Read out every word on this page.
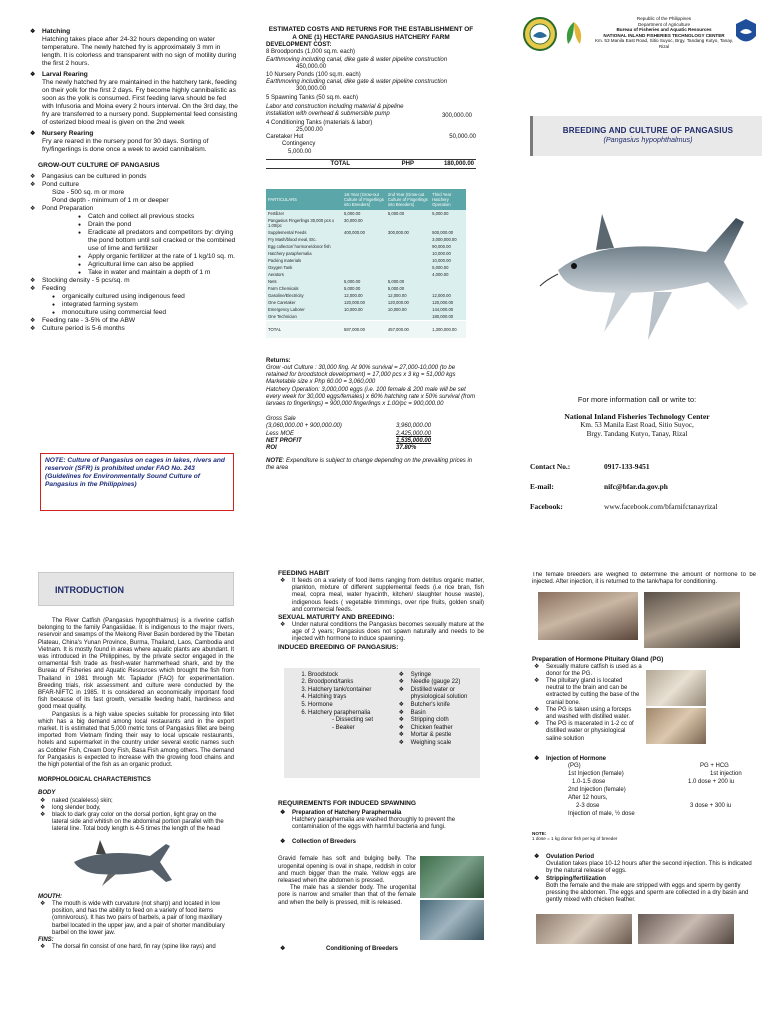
❖ Hatching
Hatching takes place after 24-32 hours depending on water temperature. The newly hatched fry is approximately 3 mm in length. It is colorless and transparent with no sign of motility during the first 2 hours.
❖ Larval Rearing
The newly hatched fry are maintained in the hatchery tank, feeding on their yolk for the first 2 days. Fry become highly cannibalistic as soon as the yolk is consumed. First feeding larva should be fed with Infusoria and Moina every 2 hours interval. On the 3rd day, the fry are transferred to a nursery pond. Supplemental feed consisting of osterized blood meal is given on the 2nd week
❖ Nursery Rearing
Fry are reared in the nursery pond for 30 days. Sorting of fry/fingerlings is done once a week to avoid cannibalism.
GROW-OUT CULTURE OF PANGASIUS
❖ Pangasius can be cultured in ponds
❖ Pond culture
Size - 500 sq. m or more
Pond depth - minimum of 1 m or deeper
❖ Pond Preparation
● Catch and collect all previous stocks
● Drain the pond
● Eradicate all predators and competitors by: drying the pond bottom until soil cracked or the combined use of lime and fertilizer
● Apply organic fertilizer at the rate of 1 kg/10 sq. m.
● Agricultural lime can also be applied
● Take in water and maintain a depth of 1 m
❖ Stocking density - 5 pcs/sq. m
❖ Feeding
● organically cultured using indigenous feed
● integrated farming system
● monoculture using commercial feed
❖ Feeding rate - 3-5% of the ABW
❖ Culture period is 5-6 months
NOTE: Culture of Pangasius on cages in lakes, rivers and reservoir (SFR) is prohibited under FAO No. 243 (Guidelines for Environmentally Sound Culture of Pangasius in the Philippines)
ESTIMATED COSTS AND RETURNS FOR THE ESTABLISHMENT OF A ONE (1) HECTARE PANGASIUS HATCHERY FARM
DEVELOPMENT COST:
8 Broodponds (1,000 sq.m. each)
Earthmoving including canal, dike gate & water pipeline construction
450,000.00
10 Nursery Ponds (100 sq.m. each)
Earthmoving including canal, dike gate & water pipeline construction
300,000.00
5 Spawning Tanks (50 sq.m. each)
Labor and construction including material & pipeline installation with overhead & submersible pump	300,000.00
4 Conditioning Tanks (materials & labor)
25,000.00
Caretaker Hut	50,000.00
Contingency
5,000.00
TOTAL	PHP	180,000.00
PARTICULARS	1st Year (Grow-out Culture of Fingerlings into Breeders)	2nd Year (Grow-out Culture of Fingerlings into Breeders)	Third Year Hatchery Operation
Fertilizer	5,000.00	5,000.00	5,000.00
Pangasius Fingerlings 30,000 pcs x 1.00/pc	30,000.00		
Supplemental Feeds	400,000.00	300,000.00	500,000.00
Fry Mash/blood meal, Etc.			3,000,000.00
Egg collector/ hormone/donor fish			90,000.00
Hatchery paraphernalia			10,000.00
Packing materials			10,000.00
Oxygen Tank			5,000.00
Aerators			4,000.00
Nets	5,000.00	5,000.00	
Farm Chemicals	5,000.00	5,000.00	
Gasoline/Electricity	12,000.00	12,000.00	12,000.00
One Caretaker	120,000.00	120,000.00	120,000.00
Emergency Laborer	10,000.00	10,000.00	144,000.00
One Technician			180,000.00
TOTAL	587,000.00	457,000.00	1,300,000.00
Returns:
Grow -out Culture : 30,000 fing. At 90% survival = 27,000-10,000 (to be retained for broodstock development) = 17,000 pcs x 3 kg = 51,000 kgs Marketable size x Php 60.00 = 3,060,000
Hatchery Operation: 3,000,000 eggs (i.e. 100 female & 200 male will be set every week for 30,000 eggs/females) x 60% hatching rate x 50% survival (from larvaes to fingerlings) = 900,000 fingerlings x 1.00/pc = 900,000.00
Gross Sale
(3,060,000.00 + 900,000.00)	3,960,000.00
Less MOE	2,425,000.00
NET PROFIT	1,535,000.00
ROI	37.80%
NOTE: Expenditure is subject to change depending on the prevailing prices in the area
Republic of the Philippines
Department of Agriculture
Bureau of Fisheries and Aquatic Resources
NATIONAL INLAND FISHERIES TECHNOLOGY CENTER
Km. 53 Manila East Road, Sitio Suyoc, Brgy. Tandang Kutyo, Tanay, Rizal
BREEDING AND CULTURE OF PANGASIUS
(Pangasius hypophthalmus)
For more information call or write to:
National Inland Fisheries Technology Center
Km. 53 Manila East Road, Sitio Suyoc,
Brgy. Tandang Kutyo, Tanay, Rizal
Contact No.:	0917-133-9451
E-mail:	nifc@bfar.da.gov.ph
Facebook:	www.facebook.com/bfarnifctanayrizal
INTRODUCTION
The River Catfish (Pangasius hypophthalmus) is a riverine catfish belonging to the family Pangasiidae. It is indigenous to the major rivers, reservoir and swamps of the Mekong River Basin bordered by the Tibetan Plateau, China's Yunan Province, Burma, Thailand, Laos, Cambodia and Vietnam. It is mostly found in areas where aquatic plants are abundant. It was introduced in the Philippines, by the private sector engaged in the ornamental fish trade as fresh-water hammerhead shark, and by the Bureau of Fisheries and Aquatic Resources which brought the fish from Thailand in 1981 through Mr. Tapiador (FAO) for experimentation. Breeding trials, risk assessment and culture were conducted by the BFAR-NIFTC in 1985. It is considered an economically important food fish because of its fast growth, versatile feeding habit, hardiness and good meat quality.
Pangasius is a high value species suitable for processing into fillet which has a big demand among local restaurants and in the export market. It is estimated that 5,000 metric tons of Pangasius fillet are being imported from Vietnam finding their way to local upscale restaurants, hotels and supermarket in the country under several exotic names such as Cobbler Fish, Cream Dory Fish, Basa Fish among others. The demand for Pangasius is expected to increase with the growing food chains and the high potential of the fish as an organic product.
MORPHOLOGICAL CHARACTERISTICS
BODY
❖ naked (scaleless) skin;
❖ long slender body,
❖ black to dark gray color on the dorsal portion, light gray on the lateral side and whitish on the abdominal portion parallel with the lateral line. Total body length is 4-5 times the length of the head
MOUTH:
❖ The mouth is wide with curvature (not sharp) and located in low position, and has the ability to feed on a variety of food items (omnivorous). It has two pairs of barbels, a pair of long maxillary barbel located in the upper jaw, and a pair of shorter mandibulary barbel on the lower jaw.
FINS:
❖ The dorsal fin consist of one hard, fin ray (spine like rays) and
FEEDING HABIT
❖ It feeds on a variety of food items ranging from detritus organic matter, plankton, mixture of different supplemental feeds (i.e rice bran, fish meal, copra meal, water hyacinth, kitchen/ slaughter house waste), indigenous feeds ( vegetable trimmings, over ripe fruits, golden snail) and commercial feeds.
SEXUAL MATURITY AND BREEDING:
❖ Under natural conditions the Pangasius becomes sexually mature at the age of 2 years; Pangasius does not spawn naturally and needs to be injected with hormone to induce spawning.
INDUCED BREEDING OF PANGASIUS:
1. Broodstock
2. Broodpond/tanks
3. Hatchery tank/container
4. Hatching trays
5. Hormone
6. Hatchery paraphernalia
- Dissecting set
- Beaker
❖ Syringe
❖ Needle (gauge 22)
❖ Distilled water or physiological solution
❖ Butcher's knife
❖ Basin
❖ Stripping cloth
❖ Chicken feather
❖ Mortar & pestle
❖ Weighing scale
REQUIREMENTS FOR INDUCED SPAWNING
❖ Preparation of Hatchery Paraphernalia
Hatchery paraphernalia are washed thoroughly to prevent the contamination of the eggs with harmful bacteria and fungi.
❖ Collection of Breeders
Gravid female has soft and bulging belly. The urogenital opening is oval in shape, reddish in color and much bigger than the male. Yellow eggs are released when the abdomen is pressed.
The male has a slender body. The urogenital pore is narrow and smaller than that of the female and when the belly is pressed, milt is released.
❖ Conditioning of Breeders
The female breeders are weighed to determine the amount of hormone to be injected. After injection, it is returned to the tank/hapa for conditioning.
Preparation of Hormone Pituitary Gland (PG)
❖ Sexually mature catfish is used as a donor for the PG.
❖ The pituitary gland is located neutral to the brain and can be extracted by cutting the base of the cranial bone.
❖ The PG is taken using a forceps and washed with distilled water.
❖ The PG is macerated in 1-2 cc of distilled water or physiological saline solution
❖ Injection of Hormone
(PG)	PG + HCG
1st Injection (female)	1st injection
1.0-1.5 dose	1.0 dose + 200 iu
2nd Injection (female)
After 12 hours,
2-3 dose	3 dose + 300 iu
Injection of male, ½ dose
NOTE:
1 dose = 1 kg donor fish per kg of breeder
❖ Ovulation Period
Ovulation takes place 10-12 hours after the second injection. This is indicated by the natural release of eggs.
❖ Stripping/fertilization
Both the female and the male are stripped with eggs and sperm by gently pressing the abdomen. The eggs and sperm are collected in a dry basin and gently mixed with chicken feather.
